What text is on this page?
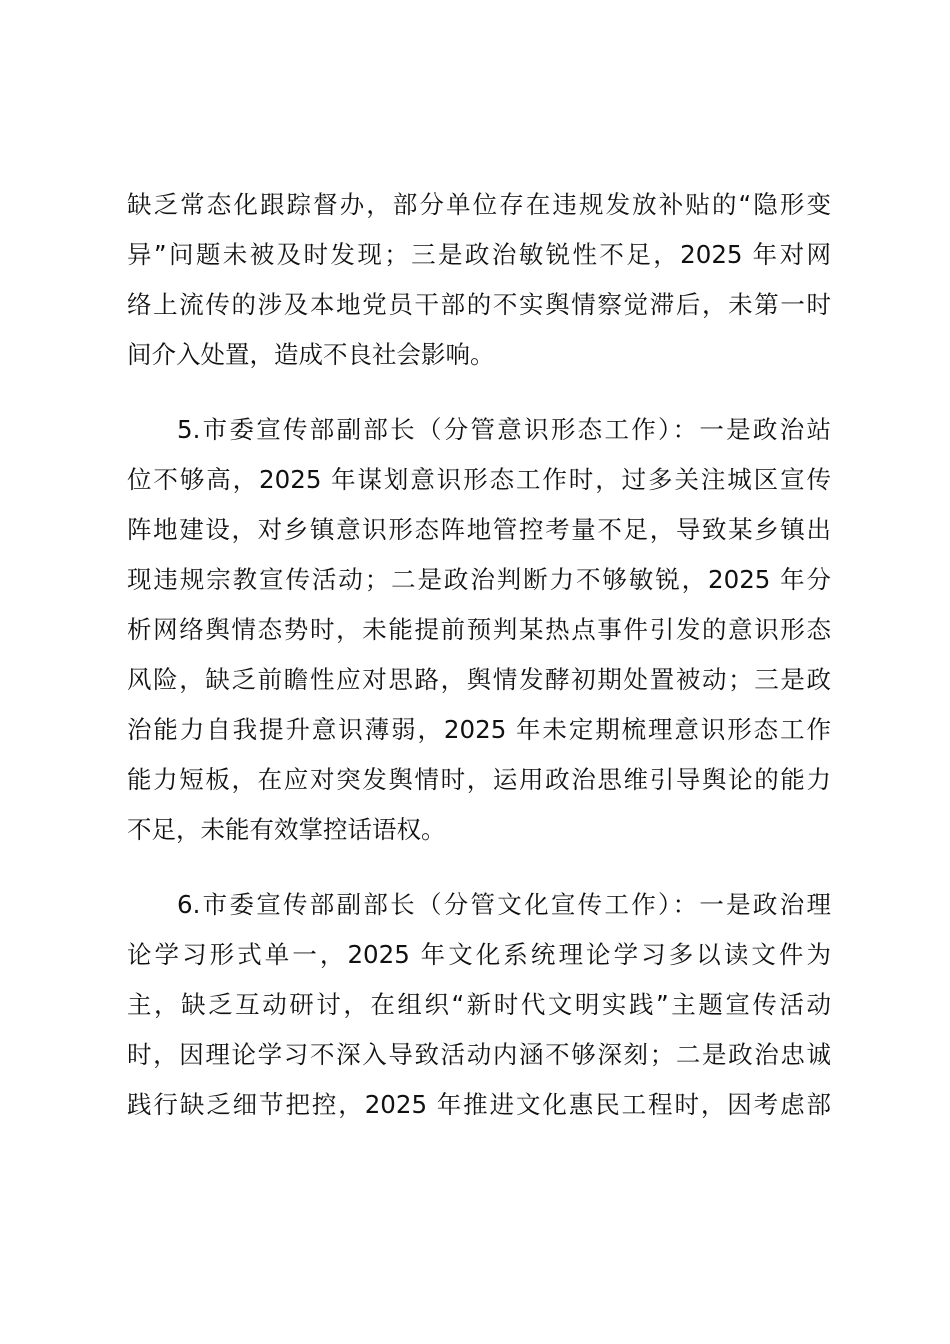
缺乏常态化跟踪督办，部分单位存在违规发放补贴的“隐形变
异”问题未被及时发现；三是政治敏锐性不足，2025 年对网
络上流传的涉及本地党员干部的不实舆情察觉滞后，未第一时
间介入处置，造成不良社会影响。
5.市委宣传部副部长（分管意识形态工作）：一是政治站
位不够高，2025 年谋划意识形态工作时，过多关注城区宣传
阵地建设，对乡镇意识形态阵地管控考量不足，导致某乡镇出
现违规宗教宣传活动；二是政治判断力不够敏锐，2025 年分
析网络舆情态势时，未能提前预判某热点事件引发的意识形态
风险，缺乏前瞻性应对思路，舆情发酵初期处置被动；三是政
治能力自我提升意识薄弱，2025 年未定期梳理意识形态工作
能力短板，在应对突发舆情时，运用政治思维引导舆论的能力
不足，未能有效掌控话语权。
6.市委宣传部副部长（分管文化宣传工作）：一是政治理
论学习形式单一，2025 年文化系统理论学习多以读文件为
主，缺乏互动研讨，在组织“新时代文明实践”主题宣传活动
时，因理论学习不深入导致活动内涵不够深刻；二是政治忠诚
践行缺乏细节把控，2025 年推进文化惠民工程时，因考虑部
